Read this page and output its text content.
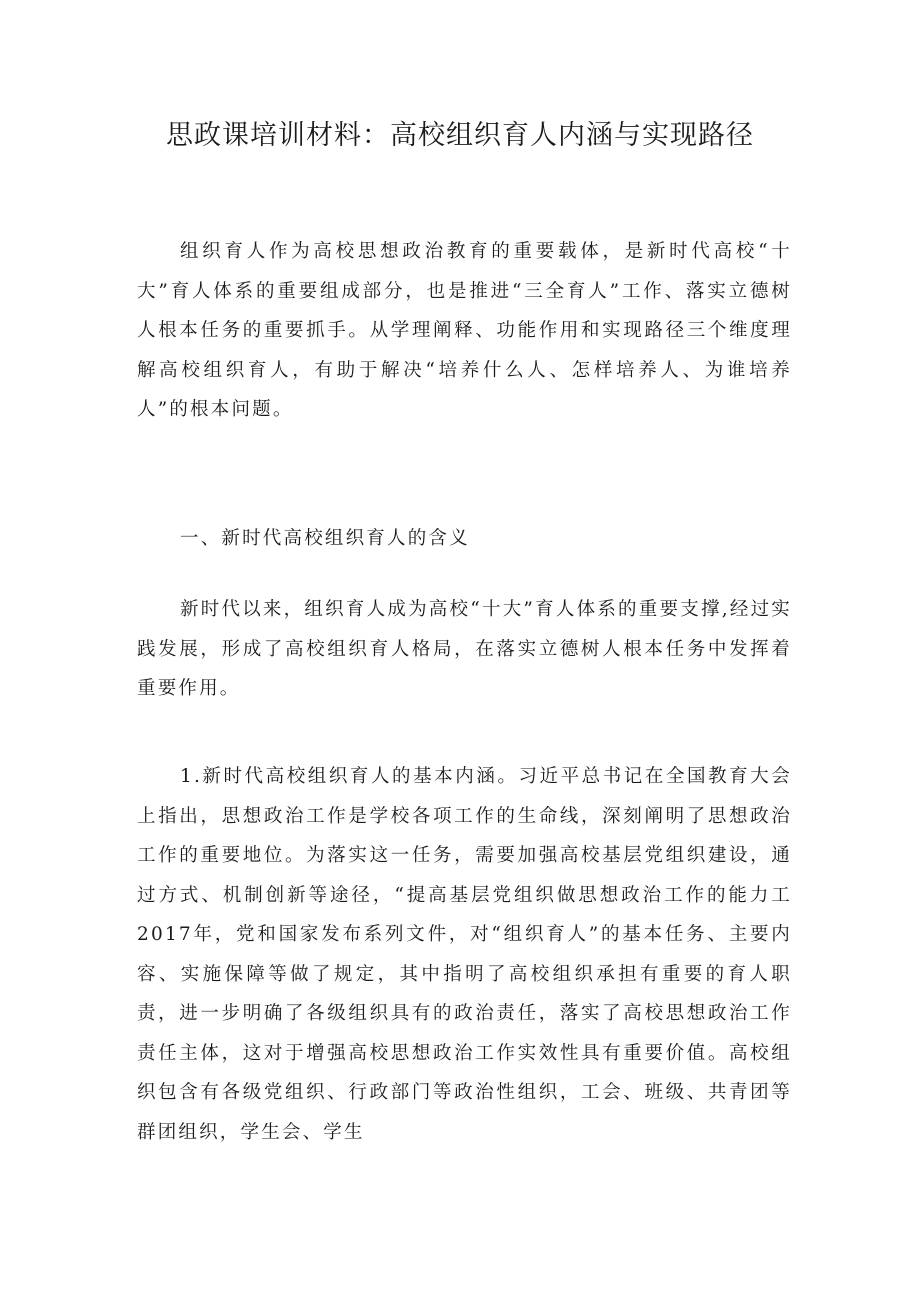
思政课培训材料：高校组织育人内涵与实现路径

组织育人作为高校思想政治教育的重要载体，是新时代高校“十大”育人体系的重要组成部分，也是推进“三全育人”工作、落实立德树人根本任务的重要抓手。从学理阐释、功能作用和实现路径三个维度理解高校组织育人，有助于解决“培养什么人、怎样培养人、为谁培养人”的根本问题。

一、新时代高校组织育人的含义

新时代以来，组织育人成为高校“十大”育人体系的重要支撑,经过实践发展，形成了高校组织育人格局，在落实立德树人根本任务中发挥着重要作用。

1.新时代高校组织育人的基本内涵。习近平总书记在全国教育大会上指出，思想政治工作是学校各项工作的生命线，深刻阐明了思想政治工作的重要地位。为落实这一任务，需要加强高校基层党组织建设，通过方式、机制创新等途径，“提高基层党组织做思想政治工作的能力工2017年，党和国家发布系列文件，对“组织育人”的基本任务、主要内容、实施保障等做了规定，其中指明了高校组织承担有重要的育人职责，进一步明确了各级组织具有的政治责任，落实了高校思想政治工作责任主体，这对于增强高校思想政治工作实效性具有重要价值。高校组织包含有各级党组织、行政部门等政治性组织，工会、班级、共青团等群团组织，学生会、学生
